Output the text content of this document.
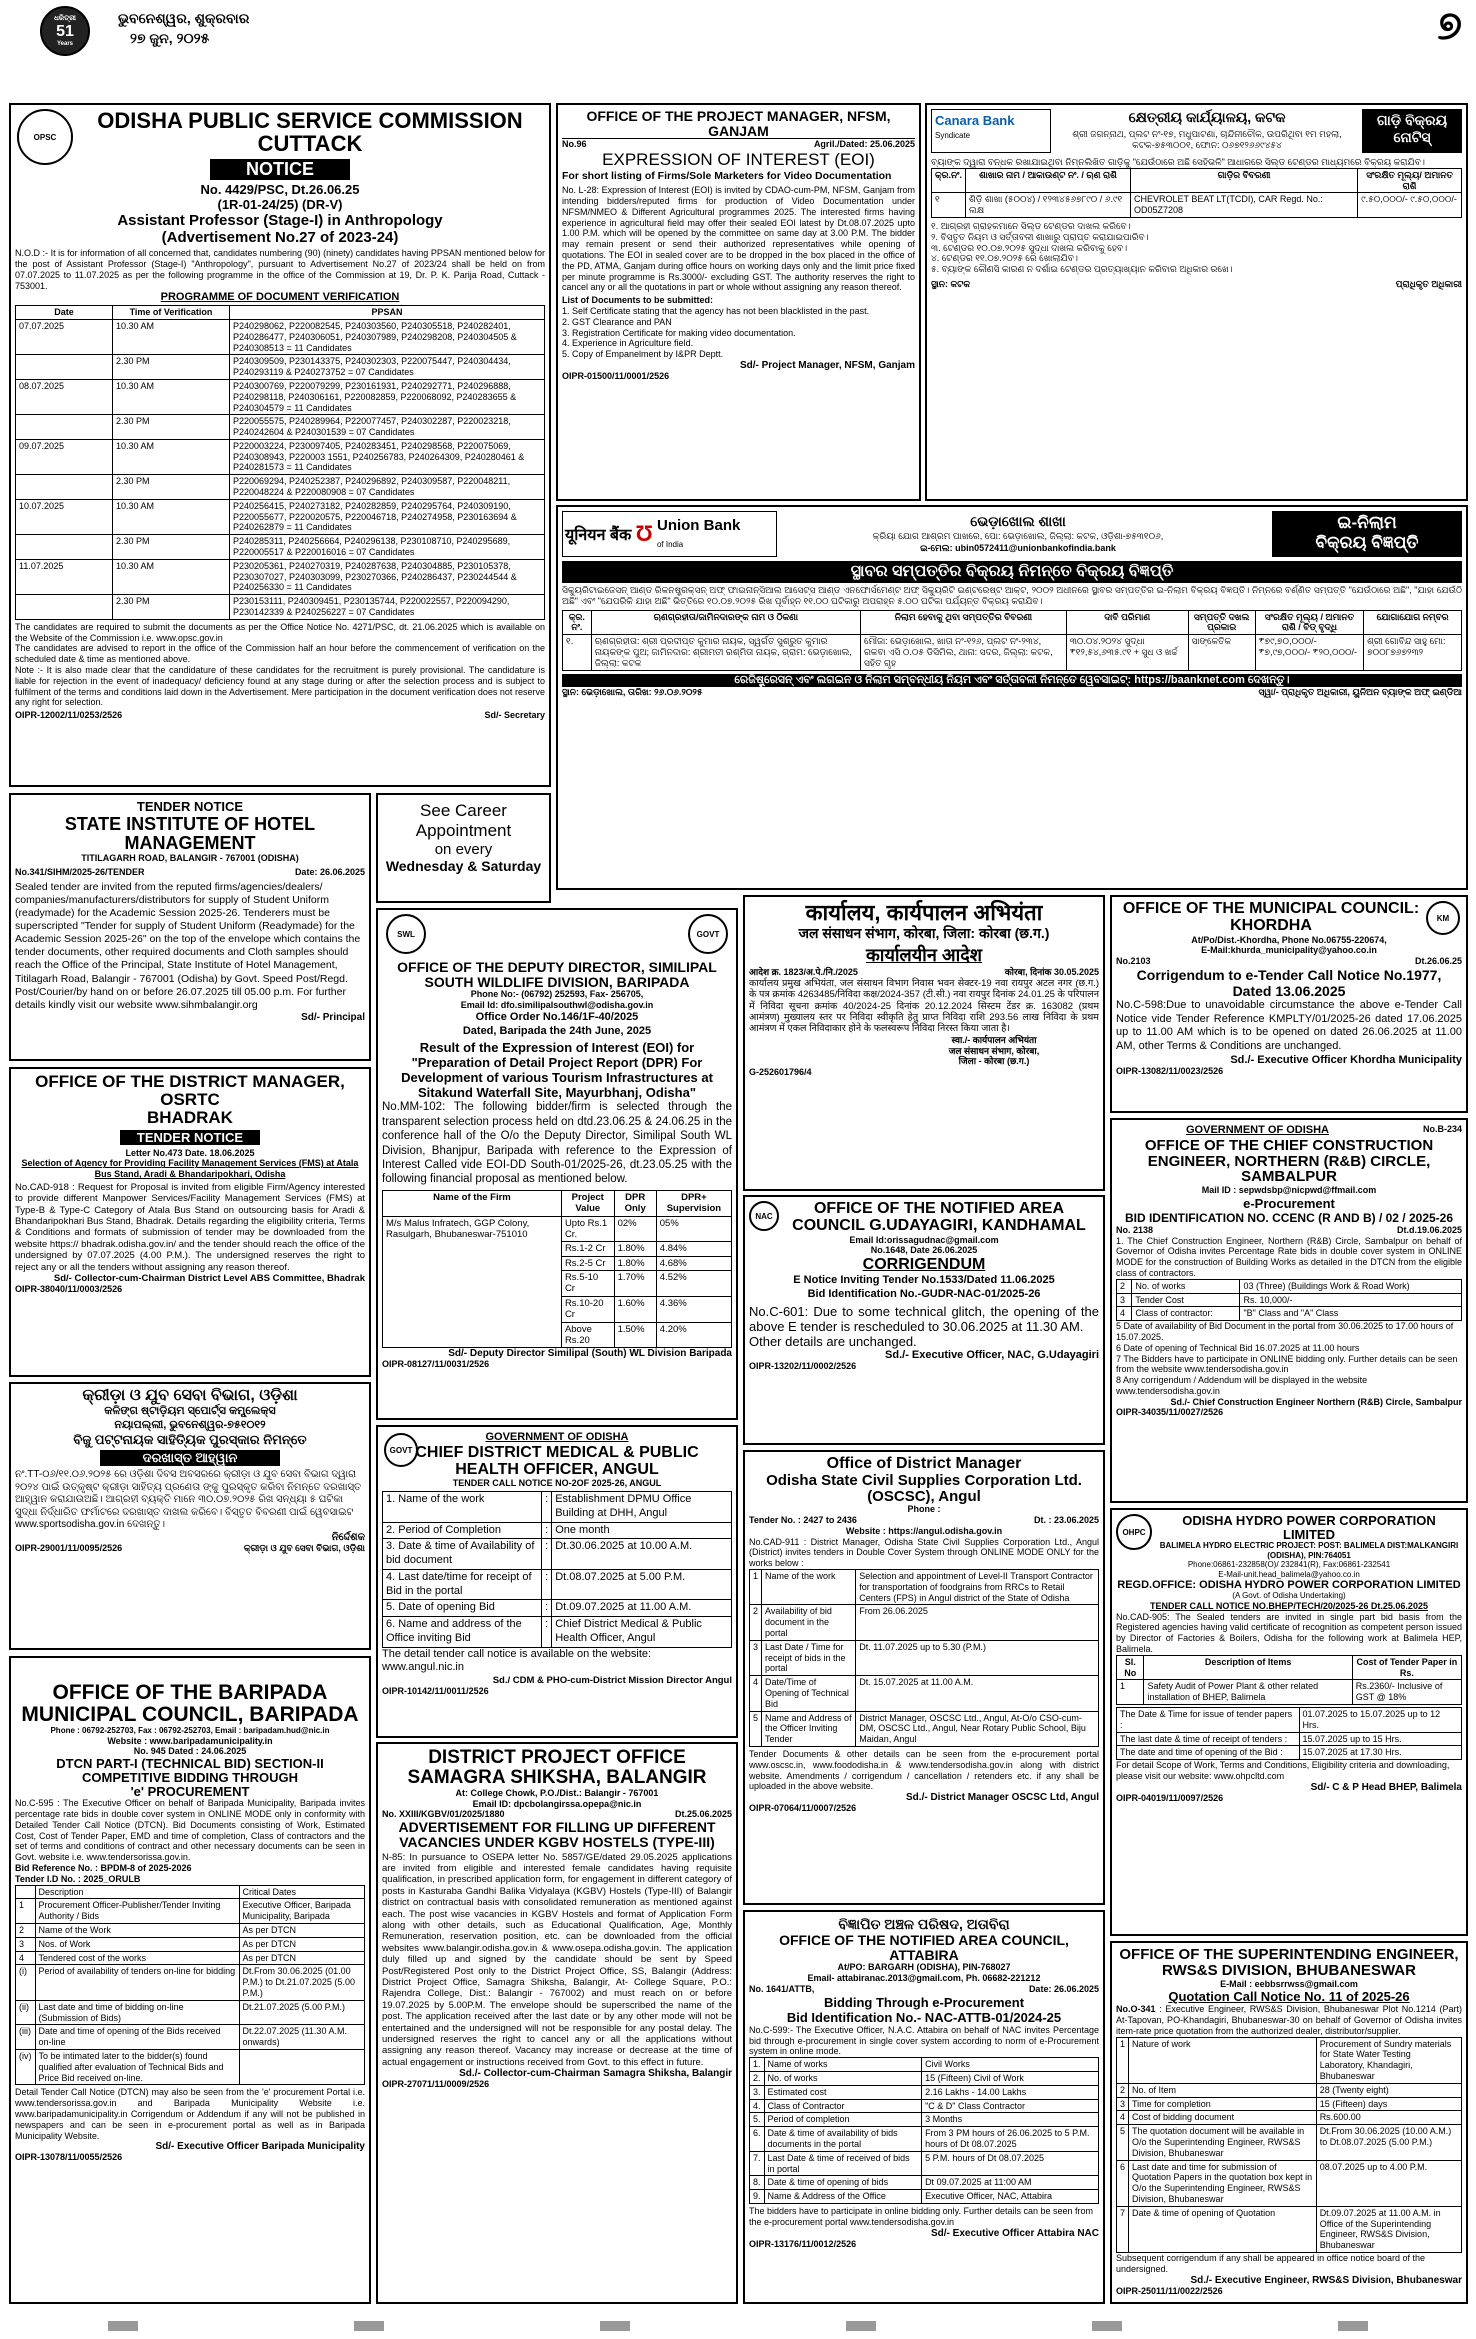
ଧରିତ୍ରୀ
51
Years
ଭୁବନେଶ୍ୱର, ଶୁକ୍ରବାର
୨୭ ଜୁନ, ୨୦୨୫	୭
OPSC
ODISHA PUBLIC SERVICE COMMISSION
CUTTACK
NOTICE
No. 4429/PSC, Dt.26.06.25
(1R-01-24/25) (DR-V)
Assistant Professor (Stage-I) in Anthropology
(Advertisement No.27 of 2023-24)
N.O.D :- It is for information of all concerned that, candidates numbering (90) (ninety) candidates having PPSAN mentioned below for the post of Assistant Professor (Stage-I) "Anthropology", pursuant to Advertisement No.27 of 2023/24 shall be held on from 07.07.2025 to 11.07.2025 as per the following programme in the office of the Commission at 19, Dr. P. K. Parija Road, Cuttack - 753001.
PROGRAMME OF DOCUMENT VERIFICATION
Date	Time of Verification	PPSAN
07.07.2025	10.30 AM	P240298062, P220082545, P240303560, P240305518, P240282401, P240286477, P240306051, P240307989, P240298208, P240304505 & P240308513 = 11 Candidates
	2.30 PM	P240309509, P230143375, P240302303, P220075447, P240304434, P240293119 & P240273752 = 07 Candidates
08.07.2025	10.30 AM	P240300769, P220079299, P230161931, P240292771, P240296888, P240298118, P240306161, P220082859, P220068092, P240283655 & P240304579 = 11 Candidates
	2.30 PM	P220055575, P240289964, P220077457, P240302287, P220023218, P240242604 & P240301539 = 07 Candidates
09.07.2025	10.30 AM	P220003224, P230097405, P240283451, P240298568, P220075069, P240308943, P220003 1551, P240256783, P240264309, P240280461 & P240281573 = 11 Candidates
	2.30 PM	P220069294, P240252387, P240296892, P240309587, P220048211, P220048224 & P220080908 = 07 Candidates
10.07.2025	10.30 AM	P240256415, P240273182, P240282859, P240295764, P240309190, P220055677, P220020575, P220046718, P240274958, P230163694 & P240262879 = 11 Candidates
	2.30 PM	P240285311, P240256664, P240296138, P230108710, P240295689, P220005517 & P220016016 = 07 Candidates
11.07.2025	10.30 AM	P230205361, P240270319, P240287638, P240304885, P230105378, P230307027, P240303099, P230270366, P240286437, P230244544 & P240256330 = 11 Candidates
	2.30 PM	P230153111, P240309451, P230135744, P220022557, P220094290, P230142339 & P240256227 = 07 Candidates
The candidates are required to submit the documents as per the Office Notice No. 4271/PSC, dt. 21.06.2025 which is available on the Website of the Commission i.e. www.opsc.gov.in
The candidates are advised to report in the office of the Commission half an hour before the commencement of verification on the scheduled date & time as mentioned above.
Note :- It is also made clear that the candidature of these candidates for the recruitment is purely provisional. The candidature is liable for rejection in the event of inadequacy/ deficiency found at any stage during or after the selection process and is subject to fulfilment of the terms and conditions laid down in the Advertisement. Mere participation in the document verification does not reserve any right for selection.
OIPR-12002/11/0253/2526	Sd/- Secretary
TENDER NOTICE
STATE INSTITUTE OF HOTEL MANAGEMENT
TITILAGARH ROAD, BALANGIR - 767001 (ODISHA)
No.341/SIHM/2025-26/TENDER	Date: 26.06.2025
Sealed tender are invited from the reputed firms/agencies/dealers/ companies/manufacturers/distributors for supply of Student Uniform (readymade) for the Academic Session 2025-26. Tenderers must be superscripted "Tender for supply of Student Uniform (Readymade) for the Academic Session 2025-26" on the top of the envelope which contains the tender documents, other required documents and Cloth samples should reach the Office of the Principal, State Institute of Hotel Management, Titilagarh Road, Balangir - 767001 (Odisha) by Govt. Speed Post/Regd. Post/Courier/by hand on or before 26.07.2025 till 05.00 p.m. For further details kindly visit our website www.sihmbalangir.org
Sd/- Principal
See Career
Appointment
on every
Wednesday & Saturday
OFFICE OF THE DISTRICT MANAGER, OSRTC
BHADRAK
TENDER NOTICE
Letter No.473 Date. 18.06.2025
Selection of Agency for Providing Facility Management Services (FMS) at Atala Bus Stand, Aradi & Bhandaripokhari, Odisha
No.CAD-918 : Request for Proposal is invited from eligible Firm/Agency interested to provide different Manpower Services/Facility Management Services (FMS) at Type-B & Type-C Category of Atala Bus Stand on outsourcing basis for Aradi & Bhandaripokhari Bus Stand, Bhadrak. Details regarding the eligibility criteria, Terms & Conditions and formats of submission of tender may be downloaded from the website https:// bhadrak.odisha.gov.in/ and the tender should reach the office of the undersigned by 07.07.2025 (4.00 P.M.). The undersigned reserves the right to reject any or all the tenders without assigning any reason thereof.
Sd/- Collector-cum-Chairman District Level ABS Committee, Bhadrak
OIPR-38040/11/0003/2526
କ୍ରୀଡ଼ା ଓ ଯୁବ ସେବା ବିଭାଗ, ଓଡ଼ିଶା
କଳିଙ୍ଗ ଷ୍ଟାଡ଼ିୟମ ସ୍ପୋର୍ଟ୍ସ କମ୍ପ୍ଲେକ୍ସ
ନୟାପଲ୍ଲୀ, ଭୁବନେଶ୍ୱର-୭୫୧୦୧୨
ବିଜୁ ପଟ୍ଟନାୟକ ସାହିତ୍ୟିକ ପୁରସ୍କାର ନିମନ୍ତେ
ଦରଖାସ୍ତ ଆହ୍ୱାନ
ନଂ.TT-୦୬/୧୧.୦୬.୨୦୨୫ ରେ ଓଡ଼ିଶା ଦିବସ ଅବସରରେ କ୍ରୀଡ଼ା ଓ ଯୁବ ସେବା ବିଭାଗ ଦ୍ୱାରା ୨୦୨୪ ପାଇଁ ଉତ୍କୃଷ୍ଟ କ୍ରୀଡ଼ା ସାହିତ୍ୟ ପ୍ରଣେତା ଙ୍କୁ ପୁରସ୍କୃତ କରିବା ନିମନ୍ତେ ଦରଖାସ୍ତ ଆହ୍ୱାନ କରାଯାଉଅଛି। ଆଗ୍ରହୀ ବ୍ୟକ୍ତି ମାନେ ୩୦.୦୭.୨୦୨୫ ରିଖ ସନ୍ଧ୍ୟା ୫ ଘଟିକା ସୁଦ୍ଧା ନିର୍ଦ୍ଧାରିତ ଫର୍ମାଟରେ ଦରଖାସ୍ତ ଦାଖଲ କରିବେ। ବିସ୍ତୃତ ବିବରଣୀ ପାଇଁ ୱେବସାଇଟ www.sportsodisha.gov.in ଦେଖନ୍ତୁ।
ନିର୍ଦ୍ଦେଶକ
OIPR-29001/11/0095/2526	କ୍ରୀଡ଼ା ଓ ଯୁବ ସେବା ବିଭାଗ, ଓଡ଼ିଶା
OFFICE OF THE BARIPADA MUNICIPAL COUNCIL, BARIPADA
Phone : 06792-252703, Fax : 06792-252703, Email : baripadam.hud@nic.in
Website : www.baripadamunicipality.in
No. 945 Dated : 24.06.2025
DTCN PART-I (TECHNICAL BID) SECTION-II
COMPETITIVE BIDDING THROUGH
'e' PROCUREMENT
No.C-595 : The Executive Officer on behalf of Baripada Municipality, Baripada invites percentage rate bids in double cover system in ONLINE MODE only in conformity with Detailed Tender Call Notice (DTCN). Bid Documents consisting of Work, Estimated Cost, Cost of Tender Paper, EMD and time of completion, Class of contractors and the set of terms and conditions of contract and other necessary documents can be seen in Govt. website i.e. www.tendersorissa.gov.in.
Bid Reference No. : BPDM-8 of 2025-2026
Tender I.D No. : 2025_ORULB
	Description	Critical Dates
1	Procurement Officer-Publisher/Tender Inviting Authority / Bids	Executive Officer, Baripada Municipality, Baripada
2	Name of the Work	As per DTCN
3	Nos. of Work	As per DTCN
4	Tendered cost of the works	As per DTCN
(i)	Period of availability of tenders on-line for bidding	Dt.From 30.06.2025 (01.00 P.M.) to Dt.21.07.2025 (5.00 P.M.)
(ii)	Last date and time of bidding on-line (Submission of Bids)	Dt.21.07.2025 (5.00 P.M.)
(iii)	Date and time of opening of the Bids received on-line	Dt.22.07.2025 (11.30 A.M. onwards)
(iv)	To be intimated later to the bidder(s) found qualified after evaluation of Technical Bids and Price Bid received on-line.	
Detail Tender Call Notice (DTCN) may also be seen from the 'e' procurement Portal i.e. www.tendersorissa.gov.in and Baripada Municipality Website i.e. www.baripadamunicipality.in Corrigendum or Addendum if any will not be published in newspapers and can be seen in e-procurement portal as well as in Baripada Municipality Website.
Sd/- Executive Officer Baripada Municipality
OIPR-13078/11/0055/2526
OFFICE OF THE PROJECT MANAGER, NFSM, GANJAM
No.96	Agril./Dated: 25.06.2025
EXPRESSION OF INTEREST (EOI)
For short listing of Firms/Sole Marketers for Video Documentation
No. L-28: Expression of Interest (EOI) is invited by CDAO-cum-PM, NFSM, Ganjam from intending bidders/reputed firms for production of Video Documentation under NFSM/NMEO & Different Agricultural programmes 2025. The interested firms having experience in agricultural field may offer their sealed EOI latest by Dt.08.07.2025 upto 1.00 P.M. which will be opened by the committee on same day at 3.00 P.M. The bidder may remain present or send their authorized representatives while opening of quotations. The EOI in sealed cover are to be dropped in the box placed in the office of the PD, ATMA, Ganjam during office hours on working days only and the limit price fixed per minute programme is Rs.3000/- excluding GST. The authority reserves the right to cancel any or all the quotations in part or whole without assigning any reason thereof.
List of Documents to be submitted:
1. Self Certificate stating that the agency has not been blacklisted in the past.
2. GST Clearance and PAN
3. Registration Certificate for making video documentation.
4. Experience in Agriculture field.
5. Copy of Empanelment by I&PR Deptt.
Sd/- Project Manager, NFSM, Ganjam
OIPR-01500/11/0001/2526
Canara Bank
Syndicate
କ୍ଷେତ୍ରୀୟ କାର୍ଯ୍ୟାଳୟ, କଟକ
ଶ୍ରୀ ଜଗନ୍ନାଥ, ପ୍ଲଟ ନଂ-୧୭, ମଧୁପାଟଣା, ଚାନ୍ଦିନୀଚୌକ, ଉପରିଥିବା ୧ମ ମହଲା, କଟକ-୭୫୩୦୦୧, ଫୋନ: ୦୬୭୧୨୬୬୯୪୫୪
ଗାଡ଼ି ବିକ୍ରୟ
ନୋଟିସ୍
ବ୍ୟାଙ୍କ ଦ୍ୱାରା ବନ୍ଧକ ରଖାଯାଇଥିବା ନିମ୍ନଲିଖିତ ଗାଡ଼ିକୁ "ଯେଉଁଠାରେ ଅଛି ସେହିଭଳି" ଆଧାରରେ ସିଲ୍ଡ ଟେଣ୍ଡର ମାଧ୍ୟମରେ ବିକ୍ରୟ କରାଯିବ।
କ୍ର.ନଂ.	ଶାଖାର ନାମ / ଆକାଉଣ୍ଟ ନଂ. / ଋଣ ରାଶି	ଗାଡ଼ିର ବିବରଣୀ	ସଂରକ୍ଷିତ ମୂଲ୍ୟ/ ଅମାନତ ରାଶି
୧	ଶିଡ଼ି ଶାଖା (୫୦୦୪) / ୧୨୩୪୫୬୭୮୯୦ / ୬.୯୧ ଲକ୍ଷ	CHEVROLET BEAT LT(TCDI), CAR Regd. No.: OD05Z7208	୯.୫୦,୦୦୦/- ୯.୫୦,୦୦୦/-
୧. ଆଗ୍ରହୀ ଗ୍ରାହକମାନେ ସିଲ୍ଡ ଟେଣ୍ଡର ଦାଖଲ କରିବେ।
୨. ବିସ୍ତୃତ ନିୟମ ଓ ସର୍ତ୍ତାବଳୀ ଶାଖାରୁ ପ୍ରାପ୍ତ କରାଯାଇପାରିବ।
୩. ଟେଣ୍ଡର ୧୦.୦୭.୨୦୨୫ ସୁଦ୍ଧା ଦାଖଲ କରିବାକୁ ହେବ।
୪. ଟେଣ୍ଡର ୧୧.୦୭.୨୦୨୫ ରେ ଖୋଲାଯିବ।
୫. ବ୍ୟାଙ୍କ କୌଣସି କାରଣ ନ ଦର୍ଶାଇ ଟେଣ୍ଡର ପ୍ରତ୍ୟାଖ୍ୟାନ କରିବାର ଅଧିକାର ରଖେ।
ସ୍ଥାନ: କଟକ	ପ୍ରାଧିକୃତ ଅଧିକାରୀ
यूनियन बैंक Ʊ Union Bank
of India
ଭେଡ଼ାଖୋଲ ଶାଖା
କ୍ରିୟା ଯୋଗ ଆଶ୍ରମ ପାଖରେ, ପୋ: ଭେଡ଼ାଖୋଲ, ଜିଲ୍ଲା: କଟକ, ଓଡ଼ିଶା-୭୫୩୧୦୬,
ଇ-ମେଲ: ubin0572411@unionbankofindia.bank
ଇ-ନିଲାମ
ବିକ୍ରୟ ବିଜ୍ଞପ୍ତି
ସ୍ଥାବର ସମ୍ପତ୍ତିର ବିକ୍ରୟ ନିମନ୍ତେ ବିକ୍ରୟ ବିଜ୍ଞପ୍ତି
ସିକ୍ୟୁରିଟାଇଜେସନ୍ ଆଣ୍ଡ ରିକନଷ୍ଟ୍ରକ୍ସନ୍ ଅଫ୍ ଫାଇନାନ୍ସିଆଲ ଆସେଟ୍ସ ଆଣ୍ଡ ଏନଫୋର୍ସମେଣ୍ଟ ଅଫ୍ ସିକ୍ୟୁରିଟି ଇଣ୍ଟରେଷ୍ଟ ଆକ୍ଟ, ୨୦୦୨ ଅଧୀନରେ ସ୍ଥାବର ସମ୍ପତ୍ତିର ଇ-ନିଲାମ ବିକ୍ରୟ ବିଜ୍ଞପ୍ତି। ନିମ୍ନରେ ବର୍ଣ୍ଣିତ ସମ୍ପତ୍ତି "ଯେଉଁଠାରେ ଅଛି", "ଯାହା ଯେଉଁଠି ଅଛି" ଏବଂ "ଯେପରିକି ଯାହା ଅଛି" ଭିତ୍ତିରେ ୧୦.୦୭.୨୦୨୫ ରିଖ ପୂର୍ବାହ୍ନ ୧୧.୦୦ ଘଟିକାରୁ ଅପରାହ୍ନ ୫.୦୦ ଘଟିକା ପର୍ଯ୍ୟନ୍ତ ବିକ୍ରୟ କରାଯିବ।
କ୍ର. ନଂ.	ଋଣଗ୍ରହୀତା/ଜାମିନଦାରଙ୍କ ନାମ ଓ ଠିକଣା	ନିଲାମ ହେବାକୁ ଥିବା ସମ୍ପତ୍ତିର ବିବରଣୀ	ଦାବି ପରିମାଣ	ସମ୍ପତ୍ତି ଦଖଲ ପ୍ରକାର	ସଂରକ୍ଷିତ ମୂଲ୍ୟ / ଅମାନତ ରାଶି / ବିଡ୍ ବୃଦ୍ଧି	ଯୋଗାଯୋଗ ନମ୍ବର
୧.	ଋଣଗ୍ରହୀତା: ଶ୍ରୀ ପ୍ରଦୀପ୍ତ କୁମାର ନାୟକ, ସ୍ୱର୍ଗତ ସୁଶ୍ରୁତ କୁମାର ନାୟକଙ୍କ ପୁଅ; ଜାମିନଦାର: ଶ୍ରୀମତୀ ରଶ୍ମିତା ନାୟକ, ଗ୍ରାମ: ଭେଡ଼ାଖୋଲ, ଜିଲ୍ଲା: କଟକ	ମୌଜା: ଭେଡ଼ାଖୋଲ, ଖାତା ନଂ-୧୨୬, ପ୍ଲଟ ନଂ-୨୩୪, ରକବା ଏସି ୦.୦୫ ଡିସିମିଲ, ଥାନା: ସଦର, ଜିଲ୍ଲା: କଟକ, ସହିତ ଗୃହ	୩୦.୦୪.୨୦୨୪ ସୁଦ୍ଧା ₹୧୨,୫୪,୬୩୫.୯୧ + ସୁଧ ଓ ଖର୍ଚ୍ଚ	ସାଙ୍କେତିକ	₹୭୯,୭୦,୦୦୦/- ₹୭,୯୭,୦୦୦/- ₹୨୦,୦୦୦/-	ଶ୍ରୀ ଗୋବିନ୍ଦ ସାହୁ ମୋ: ୭୦୦୮୭୬୭୨୩୨
ରେଜିଷ୍ଟ୍ରେସନ୍ ଏବଂ ଲଗଇନ ଓ ନିଲାମ ସମ୍ବନ୍ଧୀୟ ନିୟମ ଏବଂ ସର୍ତ୍ତାବଳୀ ନିମନ୍ତେ ୱେବସାଇଟ୍: https://baanknet.com ଦେଖନ୍ତୁ।
ସ୍ଥାନ: ଭେଡ଼ାଖୋଲ, ତାରିଖ: ୨୬.୦୬.୨୦୨୫	ସ୍ୱା/- ପ୍ରାଧିକୃତ ଅଧିକାରୀ, ୟୁନିଅନ ବ୍ୟାଙ୍କ ଅଫ୍ ଇଣ୍ଡିଆ
SWL	GOVT
OFFICE OF THE DEPUTY DIRECTOR, SIMILIPAL SOUTH WILDLIFE DIVISION, BARIPADA
Phone No:- (06792) 252593, Fax- 256705,
Email Id: dfo.similipalsouthwl@odisha.gov.in
Office Order No.146/1F-40/2025
Dated, Baripada the 24th June, 2025
Result of the Expression of Interest (EOI) for "Preparation of Detail Project Report (DPR) For Development of various Tourism Infrastructures at Sitakund Waterfall Site, Mayurbhanj, Odisha"
No.MM-102: The following bidder/firm is selected through the transparent selection process held on dtd.23.06.25 & 24.06.25 in the conference hall of the O/o the Deputy Director, Similipal South WL Division, Bhanjpur, Baripada with reference to the Expression of Interest Called vide EOI-DD South-01/2025-26, dt.23.05.25 with the following financial proposal as mentioned below.
Name of the Firm	Project Value	DPR Only	DPR+ Supervision
M/s Malus Infratech, GGP Colony, Rasulgarh, Bhubaneswar-751010	Upto Rs.1 Cr.	02%	05%
	Rs.1-2 Cr	1.80%	4.84%
	Rs.2-5 Cr	1.80%	4.68%
	Rs.5-10 Cr	1.70%	4.52%
	Rs.10-20 Cr	1.60%	4.36%
	Above Rs.20	1.50%	4.20%
Sd/- Deputy Director Similipal (South) WL Division Baripada
OIPR-08127/11/0031/2526
GOVT
GOVERNMENT OF ODISHA
CHIEF DISTRICT MEDICAL & PUBLIC HEALTH OFFICER, ANGUL
TENDER CALL NOTICE NO-2OF 2025-26, ANGUL
1. Name of the work	:	Establishment DPMU Office Building at DHH, Angul
2. Period of Completion	:	One month
3. Date & time of Availability of bid document	:	Dt.30.06.2025 at 10.00 A.M.
4. Last date/time for receipt of Bid in the portal	:	Dt.08.07.2025 at 5.00 P.M.
5. Date of opening Bid	:	Dt.09.07.2025 at 11.00 A.M.
6. Name and address of the Office inviting Bid	:	Chief District Medical & Public Health Officer, Angul
The detail tender call notice is available on the website: www.angul.nic.in
Sd./ CDM & PHO-cum-District Mission Director Angul
OIPR-10142/11/0011/2526
DISTRICT PROJECT OFFICE SAMAGRA SHIKSHA, BALANGIR
At: College Chowk, P.O./Dist.: Balangir - 767001
Email ID: dpcbolangirssa.opepa@nic.in
No. XXIII/KGBV/01/2025/1880	Dt.25.06.2025
ADVERTISEMENT FOR FILLING UP DIFFERENT VACANCIES UNDER KGBV HOSTELS (TYPE-III)
N-85: In pursuance to OSEPA letter No. 5857/GE/dated 29.05.2025 applications are invited from eligible and interested female candidates having requisite qualification, in prescribed application form, for engagement in different category of posts in Kasturaba Gandhi Balika Vidyalaya (KGBV) Hostels (Type-III) of Balangir district on contractual basis with consolidated remuneration as mentioned against each. The post wise vacancies in KGBV Hostels and format of Application Form along with other details, such as Educational Qualification, Age, Monthly Remuneration, reservation position, etc. can be downloaded from the official websites www.balangir.odisha.gov.in & www.osepa.odisha.gov.in. The application duly filled up and signed by the candidate should be sent by Speed Post/Registered Post only to the District Project Office, SS, Balangir (Address: District Project Office, Samagra Shiksha, Balangir, At- College Square, P.O.: Rajendra College, Dist.: Balangir - 767002) and must reach on or before 19.07.2025 by 5.00P.M. The envelope should be superscribed the name of the post. The application received after the last date or by any other mode will not be entertained and the undersigned will not be responsible for any postal delay. The undersigned reserves the right to cancel any or all the applications without assigning any reason thereof. Vacancy may increase or decrease at the time of actual engagement or instructions received from Govt. to this effect in future.
Sd./- Collector-cum-Chairman Samagra Shiksha, Balangir
OIPR-27071/11/0009/2526
कार्यालय, कार्यपालन अभियंता
जल संसाधन संभाग, कोरबा, जिला: कोरबा (छ.ग.)
कार्यालयीन आदेश
आदेश क्र. 1823/अ.पे./नि./2025	कोरबा, दिनांक 30.05.2025
कार्यालय प्रमुख अभियंता, जल संसाधन विभाग निवास भवन सेक्टर-19 नवा रायपुर अटल नगर (छ.ग.) के पत्र क्रमांक 4263485/निविदा कक्ष/2024-357 (टी.सी.) नवा रायपुर दिनांक 24.01.25 के परिपालन में निविदा सूचना क्रमांक 40/2024-25 दिनांक 20.12.2024 सिस्टम टेंडर क्र. 163082 (प्रथम आमंत्रण) मुख्यालय स्तर पर निविदा स्वीकृति हेतु प्राप्त निविदा राशि 293.56 लाख निविदा के प्रथम आमंत्रण में एकल निविदाकार होने के फलस्वरूप निविदा निरस्त किया जाता है।
स्वा./- कार्यपालन अभियंता
जल संसाधन संभाग, कोरबा,
जिला - कोरबा (छ.ग.)
G-252601796/4
NAC	OFFICE OF THE NOTIFIED AREA COUNCIL G.UDAYAGIRI, KANDHAMAL
Email Id:orissagudnac@gmail.com
No.1648, Date 26.06.2025
CORRIGENDUM
E Notice Inviting Tender No.1533/Dated 11.06.2025
Bid Identification No.-GUDR-NAC-01/2025-26
No.C-601: Due to some technical glitch, the opening of the above E tender is rescheduled to 30.06.2025 at 11.30 AM.
Other details are unchanged.
Sd./- Executive Officer, NAC, G.Udayagiri
OIPR-13202/11/0002/2526
Office of District Manager
Odisha State Civil Supplies Corporation Ltd. (OSCSC), Angul
Phone :
Tender No. : 2427 to 2436	Dt. : 23.06.2025
Website : https://angul.odisha.gov.in
No.CAD-911 : District Manager, Odisha State Civil Supplies Corporation Ltd., Angul (District) invites tenders in Double Cover System through ONLINE MODE ONLY for the works below :
1	Name of the work	Selection and appointment of Level-II Transport Contractor for transportation of foodgrains from RRCs to Retail Centers (FPS) in Angul district of the State of Odisha
2	Availability of bid document in the portal	From 26.06.2025
3	Last Date / Time for receipt of bids in the portal	Dt. 11.07.2025 up to 5.30 (P.M.)
4	Date/Time of Opening of Technical Bid	Dt. 15.07.2025 at 11.00 A.M.
5	Name and Address of the Officer Inviting Tender	District Manager, OSCSC Ltd., Angul, At-O/o CSO-cum-DM, OSCSC Ltd., Angul, Near Rotary Public School, Biju Maidan, Angul
Tender Documents & other details can be seen from the e-procurement portal www.oscsc.in, www.foododisha.in & www.tendersodisha.gov.in along with district website. Amendments / corrigendum / cancellation / retenders etc. if any shall be uploaded in the above website.
Sd./- District Manager OSCSC Ltd, Angul
OIPR-07064/11/0007/2526
ବିଜ୍ଞାପିତ ଅଞ୍ଚଳ ପରିଷଦ, ଅତାବିରା
OFFICE OF THE NOTIFIED AREA COUNCIL, ATTABIRA
At/PO: BARGARH (ODISHA), PIN-768027
Email- attabiranac.2013@gmail.com, Ph. 06682-221212
No. 1641/ATTB,	Date: 26.06.2025
Bidding Through e-Procurement
Bid Identification No.- NAC-ATTB-01/2024-25
No.C-599:- The Executive Officer, N.A.C. Attabira on behalf of NAC invites Percentage bid through e-procurement in single cover system according to norm of e-Procurement system in online mode.
1.	Name of works	Civil Works
2.	No. of works	15 (Fifteen) Civil of Work
3.	Estimated cost	2.16 Lakhs - 14.00 Lakhs
4.	Class of Contractor	"C & D" Class Contractor
5.	Period of completion	3 Months
6.	Date & time of availability of bids documents in the portal	From 3 PM hours of 26.06.2025 to 5 P.M. hours of Dt 08.07.2025
7.	Last Date & time of received of bids in portal	5 P.M. hours of Dt 08.07.2025
8.	Date & time of opening of bids	Dt 09.07.2025 at 11:00 AM
9.	Name & Address of the Office	Executive Officer, NAC, Attabira
The bidders have to participate in online bidding only. Further details can be seen from the e-procurement portal www.tendersodisha.gov.in
Sd/- Executive Officer Attabira NAC
OIPR-13176/11/0012/2526
KM
OFFICE OF THE MUNICIPAL COUNCIL: KHORDHA
At/Po/Dist.-Khordha, Phone No.06755-220674,
E-Mail:khurda_municipality@yahoo.co.in
No.2103	Dt.26.06.25
Corrigendum to e-Tender Call Notice No.1977, Dated 13.06.2025
No.C-598:Due to unavoidable circumstance the above e-Tender Call Notice vide Tender Reference KMPLTY/01/2025-26 dated 17.06.2025 up to 11.00 AM which is to be opened on dated 26.06.2025 at 11.00 AM, other Terms & Conditions are unchanged.
Sd./- Executive Officer Khordha Municipality
OIPR-13082/11/0023/2526
GOVERNMENT OF ODISHA	No.B-234
OFFICE OF THE CHIEF CONSTRUCTION ENGINEER, NORTHERN (R&B) CIRCLE, SAMBALPUR
Mail ID : sepwdsbp@nicpwd@ffmail.com
e-Procurement
BID IDENTIFICATION NO. CCENC (R AND B) / 02 / 2025-26
No. 2138	Dt.d.19.06.2025
1. The Chief Construction Engineer, Northern (R&B) Circle, Sambalpur on behalf of Governor of Odisha invites Percentage Rate bids in double cover system in ONLINE MODE for the construction of Building Works as detailed in the DTCN from the eligible class of contractors.
2	No. of works	03 (Three) (Buildings Work & Road Work)
3	Tender Cost	Rs. 10,000/-
4	Class of contractor:	"B" Class and "A" Class
5 Date of availability of Bid Document in the portal from 30.06.2025 to 17.00 hours of 15.07.2025.
6 Date of opening of Technical Bid 16.07.2025 at 11.00 hours
7 The Bidders have to participate in ONLINE bidding only. Further details can be seen from the website www.tendersodisha.gov.in
8 Any corrigendum / Addendum will be displayed in the website www.tendersodisha.gov.in
Sd./- Chief Construction Engineer Northern (R&B) Circle, Sambalpur
OIPR-34035/11/0027/2526
OHPC
ODISHA HYDRO POWER CORPORATION LIMITED
BALIMELA HYDRO ELECTRIC PROJECT: POST: BALIMELA DIST:MALKANGIRI (ODISHA), PIN:764051
Phone:06861-232858(O)/ 232841(R), Fax:06861-232541
E-Mail-unit.head_balimela@yahoo.co.in
REGD.OFFICE: ODISHA HYDRO POWER CORPORATION LIMITED
(A Govt. of Odisha Undertaking)
TENDER CALL NOTICE NO.BHEP/TECH/20/2025-26 Dt.25.06.2025
No.CAD-905: The Sealed tenders are invited in single part bid basis from the Registered agencies having valid certificate of recognition as competent person issued by Director of Factories & Boilers, Odisha for the following work at Balimela HEP, Balimela.
Sl. No	Description of Items	Cost of Tender Paper in Rs.
1	Safety Audit of Power Plant & other related installation of BHEP, Balimela	Rs.2360/- Inclusive of GST @ 18%
The Date & Time for issue of tender papers :	01.07.2025 to 15.07.2025 up to 12 Hrs.
The last date & time of receipt of tenders :	15.07.2025 up to 15 Hrs.
The date and time of opening of the Bid :	15.07.2025 at 17.30 Hrs.
For detail Scope of Work, Terms and Conditions, Eligibility criteria and downloading, please visit our website: www.ohpcltd.com
Sd/- C & P Head BHEP, Balimela
OIPR-04019/11/0097/2526
OFFICE OF THE SUPERINTENDING ENGINEER, RWS&S DIVISION, BHUBANESWAR
E-Mail : eebbsrrwss@gmail.com
Quotation Call Notice No. 11 of 2025-26
No.O-341 : Executive Engineer, RWS&S Division, Bhubaneswar Plot No.1214 (Part) At-Tapovan, PO-Khandagiri, Bhubaneswar-30 on behalf of Governor of Odisha invites item-rate price quotation from the authorized dealer, distributor/supplier.
1	Nature of work	Procurement of Sundry materials for State Water Testing Laboratory, Khandagiri, Bhubaneswar
2	No. of Item	28 (Twenty eight)
3	Time for completion	15 (Fifteen) days
4	Cost of bidding document	Rs.600.00
5	The quotation document will be available in O/o the Superintending Engineer, RWS&S Division, Bhubaneswar	Dt.From 30.06.2025 (10.00 A.M.) to Dt.08.07.2025 (5.00 P.M.)
6	Last date and time for submission of Quotation Papers in the quotation box kept in O/o the Superintending Engineer, RWS&S Division, Bhubaneswar	08.07.2025 up to 4.00 P.M.
7	Date & time of opening of Quotation	Dt.09.07.2025 at 11.00 A.M. in Office of the Superintending Engineer, RWS&S Division, Bhubaneswar
Subsequent corrigendum if any shall be appeared in office notice board of the undersigned.
Sd./- Executive Engineer, RWS&S Division, Bhubaneswar
OIPR-25011/11/0022/2526
